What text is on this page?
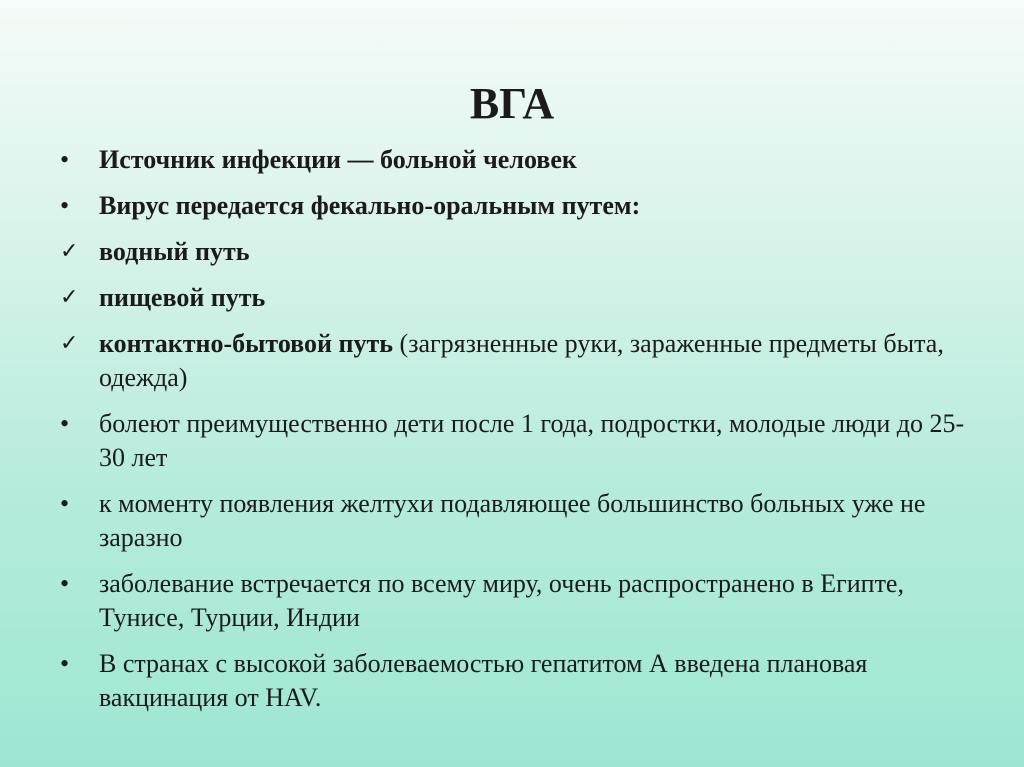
ВГА
•	Источник инфекции — больной человек
•	Вирус передается фекально-оральным путем:
✓ водный путь
✓ пищевой путь
✓ контактно-бытовой путь (загрязненные руки, зараженные предметы быта, одежда)
•	болеют преимущественно дети после 1 года, подростки, молодые люди до 25-30 лет
•	к моменту появления желтухи подавляющее большинство больных уже не заразно
•	заболевание встречается по всему миру, очень распространено в Египте, Тунисе, Турции, Индии
•	В странах с высокой заболеваемостью гепатитом А введена плановая вакцинация от HAV.
